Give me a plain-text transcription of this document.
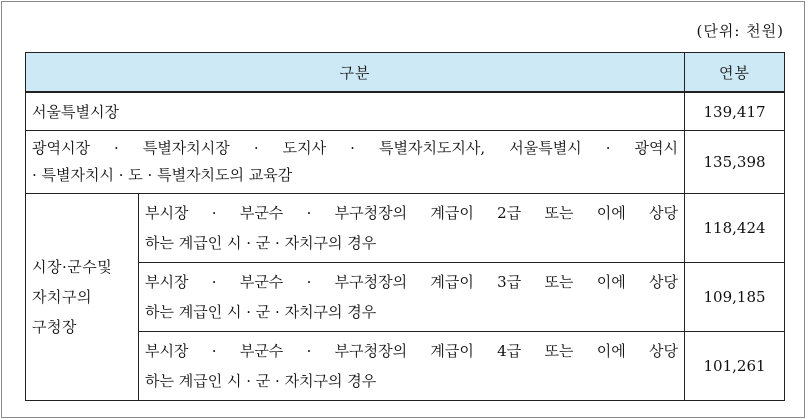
(단위: 천원)
구분		연봉
서울특별시장		139,417

광역시장 · 특별자치시장 · 도지사 · 특별자치도지사, 서울특별시 · 광역시
· 특별자치시 · 도 · 특별자치도의 교육감		135,398

시장·군수및
자치구의
구청장	부시장 · 부군수 · 부구청장의 계급이 2급 또는 이에 상당
하는 계급인 시 · 군 · 자치구의 경우	118,424

	부시장 · 부군수 · 부구청장의 계급이 3급 또는 이에 상당
하는 계급인 시 · 군 · 자치구의 경우	109,185

	부시장 · 부군수 · 부구청장의 계급이 4급 또는 이에 상당
하는 계급인 시 · 군 · 자치구의 경우	101,261
